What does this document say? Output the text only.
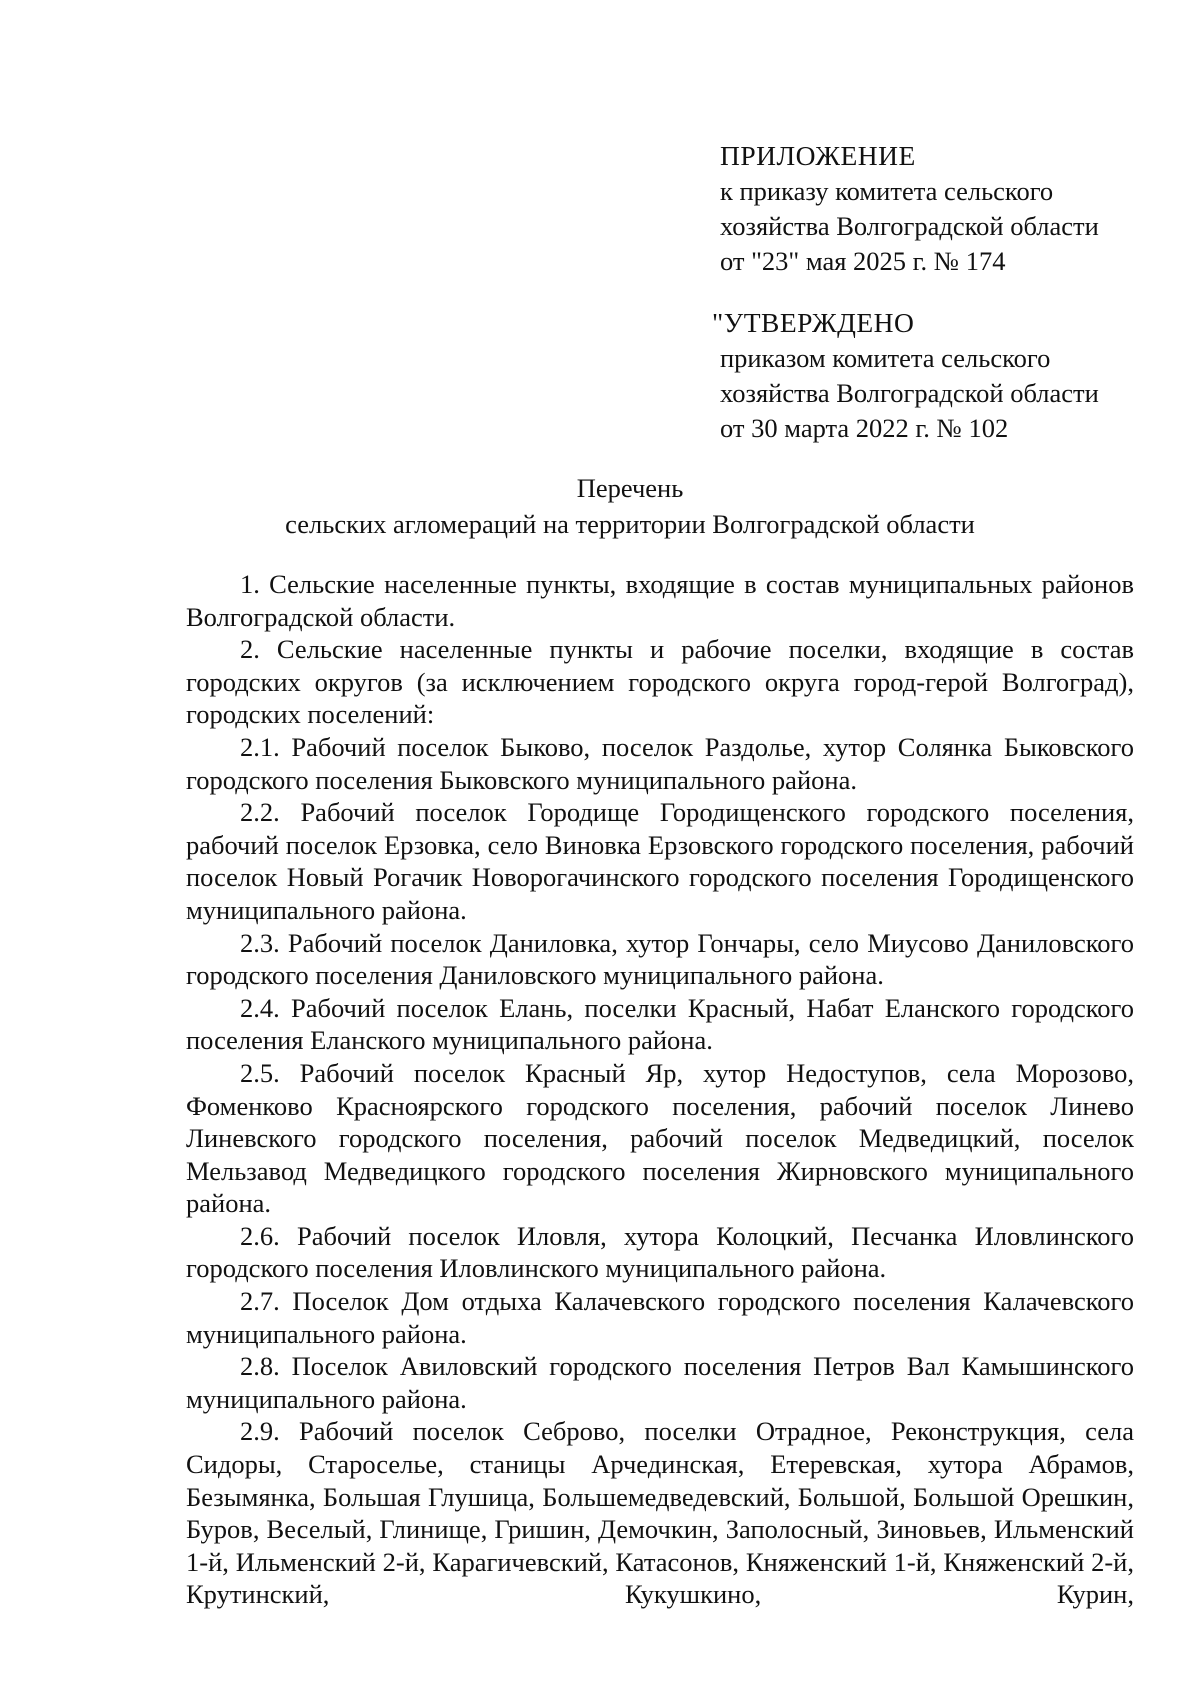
ПРИЛОЖЕНИЕ
к приказу комитета сельского
хозяйства Волгоградской области
от "23" мая 2025 г. № 174
"УТВЕРЖДЕНО
приказом комитета сельского
хозяйства Волгоградской области
от 30 марта 2022 г. № 102
Перечень
сельских агломераций на территории Волгоградской области

1. Сельские населенные пункты, входящие в состав муниципальных районов Волгоградской области.

2. Сельские населенные пункты и рабочие поселки, входящие в состав городских округов (за исключением городского округа город-герой Волгоград), городских поселений:

2.1. Рабочий поселок Быково, поселок Раздолье, хутор Солянка Быковского городского поселения Быковского муниципального района.

2.2. Рабочий поселок Городище Городищенского городского поселения, рабочий поселок Ерзовка, село Виновка Ерзовского городского поселения, рабочий поселок Новый Рогачик Новорогачинского городского поселения Городищенского муниципального района.

2.3. Рабочий поселок Даниловка, хутор Гончары, село Миусово Даниловского городского поселения Даниловского муниципального района.

2.4. Рабочий поселок Елань, поселки Красный, Набат Еланского городского поселения Еланского муниципального района.

2.5. Рабочий поселок Красный Яр, хутор Недоступов, села Морозово, Фоменково Красноярского городского поселения, рабочий поселок Линево Линевского городского поселения, рабочий поселок Медведицкий, поселок Мельзавод Медведицкого городского поселения Жирновского муниципального района.

2.6. Рабочий поселок Иловля, хутора Колоцкий, Песчанка Иловлинского городского поселения Иловлинского муниципального района.

2.7. Поселок Дом отдыха Калачевского городского поселения Калачевского муниципального района.

2.8. Поселок Авиловский городского поселения Петров Вал Камышинского муниципального района.

2.9. Рабочий поселок Себрово, поселки Отрадное, Реконструкция, села Сидоры, Староселье, станицы Арчединская, Етеревская, хутора Абрамов, Безымянка, Большая Глушица, Большемедведевский, Большой, Большой Орешкин, Буров, Веселый, Глинище, Гришин, Демочкин, Заполосный, Зиновьев, Ильменский 1-й, Ильменский 2-й, Карагичевский, Катасонов, Княженский 1-й, Княженский 2-й, Крутинский, Кукушкино, Курин,
